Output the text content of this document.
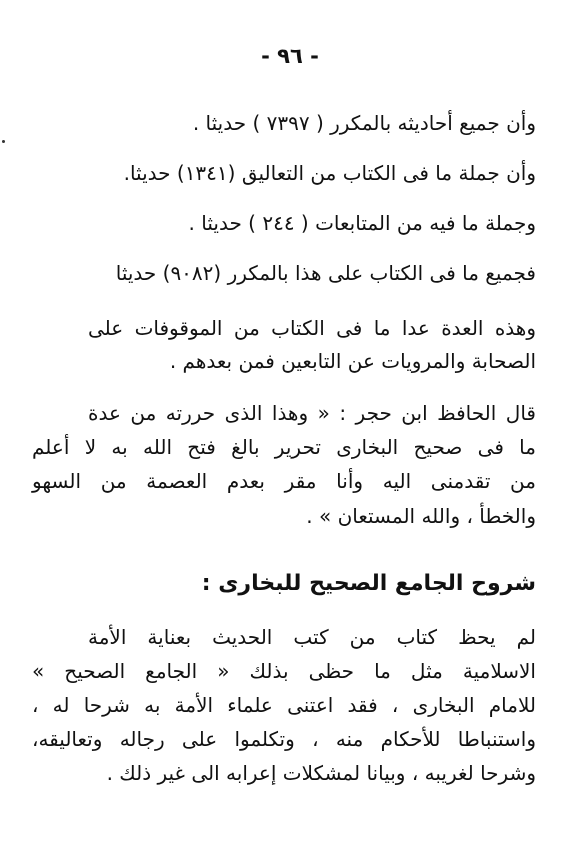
- ٩٦ -
وأن جميع أحاديثه بالمكرر ( ٧٣٩٧ ) حديثا .
وأن جملة ما فى الكتاب من التعاليق (١٣٤١) حديثا.
وجملة ما فيه من المتابعات ( ٢٤٤ ) حديثا .
فجميع ما فى الكتاب على هذا بالمكرر (٩٠٨٢) حديثا
وهذه العدة عدا ما فى الكتاب من الموقوفات على
الصحابة والمرويات عن التابعين فمن بعدهم .
قال الحافظ ابن حجر : « وهذا الذى حررته من عدة
ما فى صحيح البخارى تحرير بالغ فتح الله به لا أعلم
من تقدمنى اليه وأنا مقر بعدم العصمة من السهو
والخطأ ، والله المستعان » .
شروح الجامع الصحيح للبخارى :
لم يحظ كتاب من كتب الحديث بعناية الأمة
الاسلامية مثل ما حظى بذلك « الجامع الصحيح »
للامام البخارى ، فقد اعتنى علماء الأمة به شرحا له ،
واستنباطا للأحكام منه ، وتكلموا على رجاله وتعاليقه،
وشرحا لغريبه ، وبيانا لمشكلات إعرابه الى غير ذلك .
